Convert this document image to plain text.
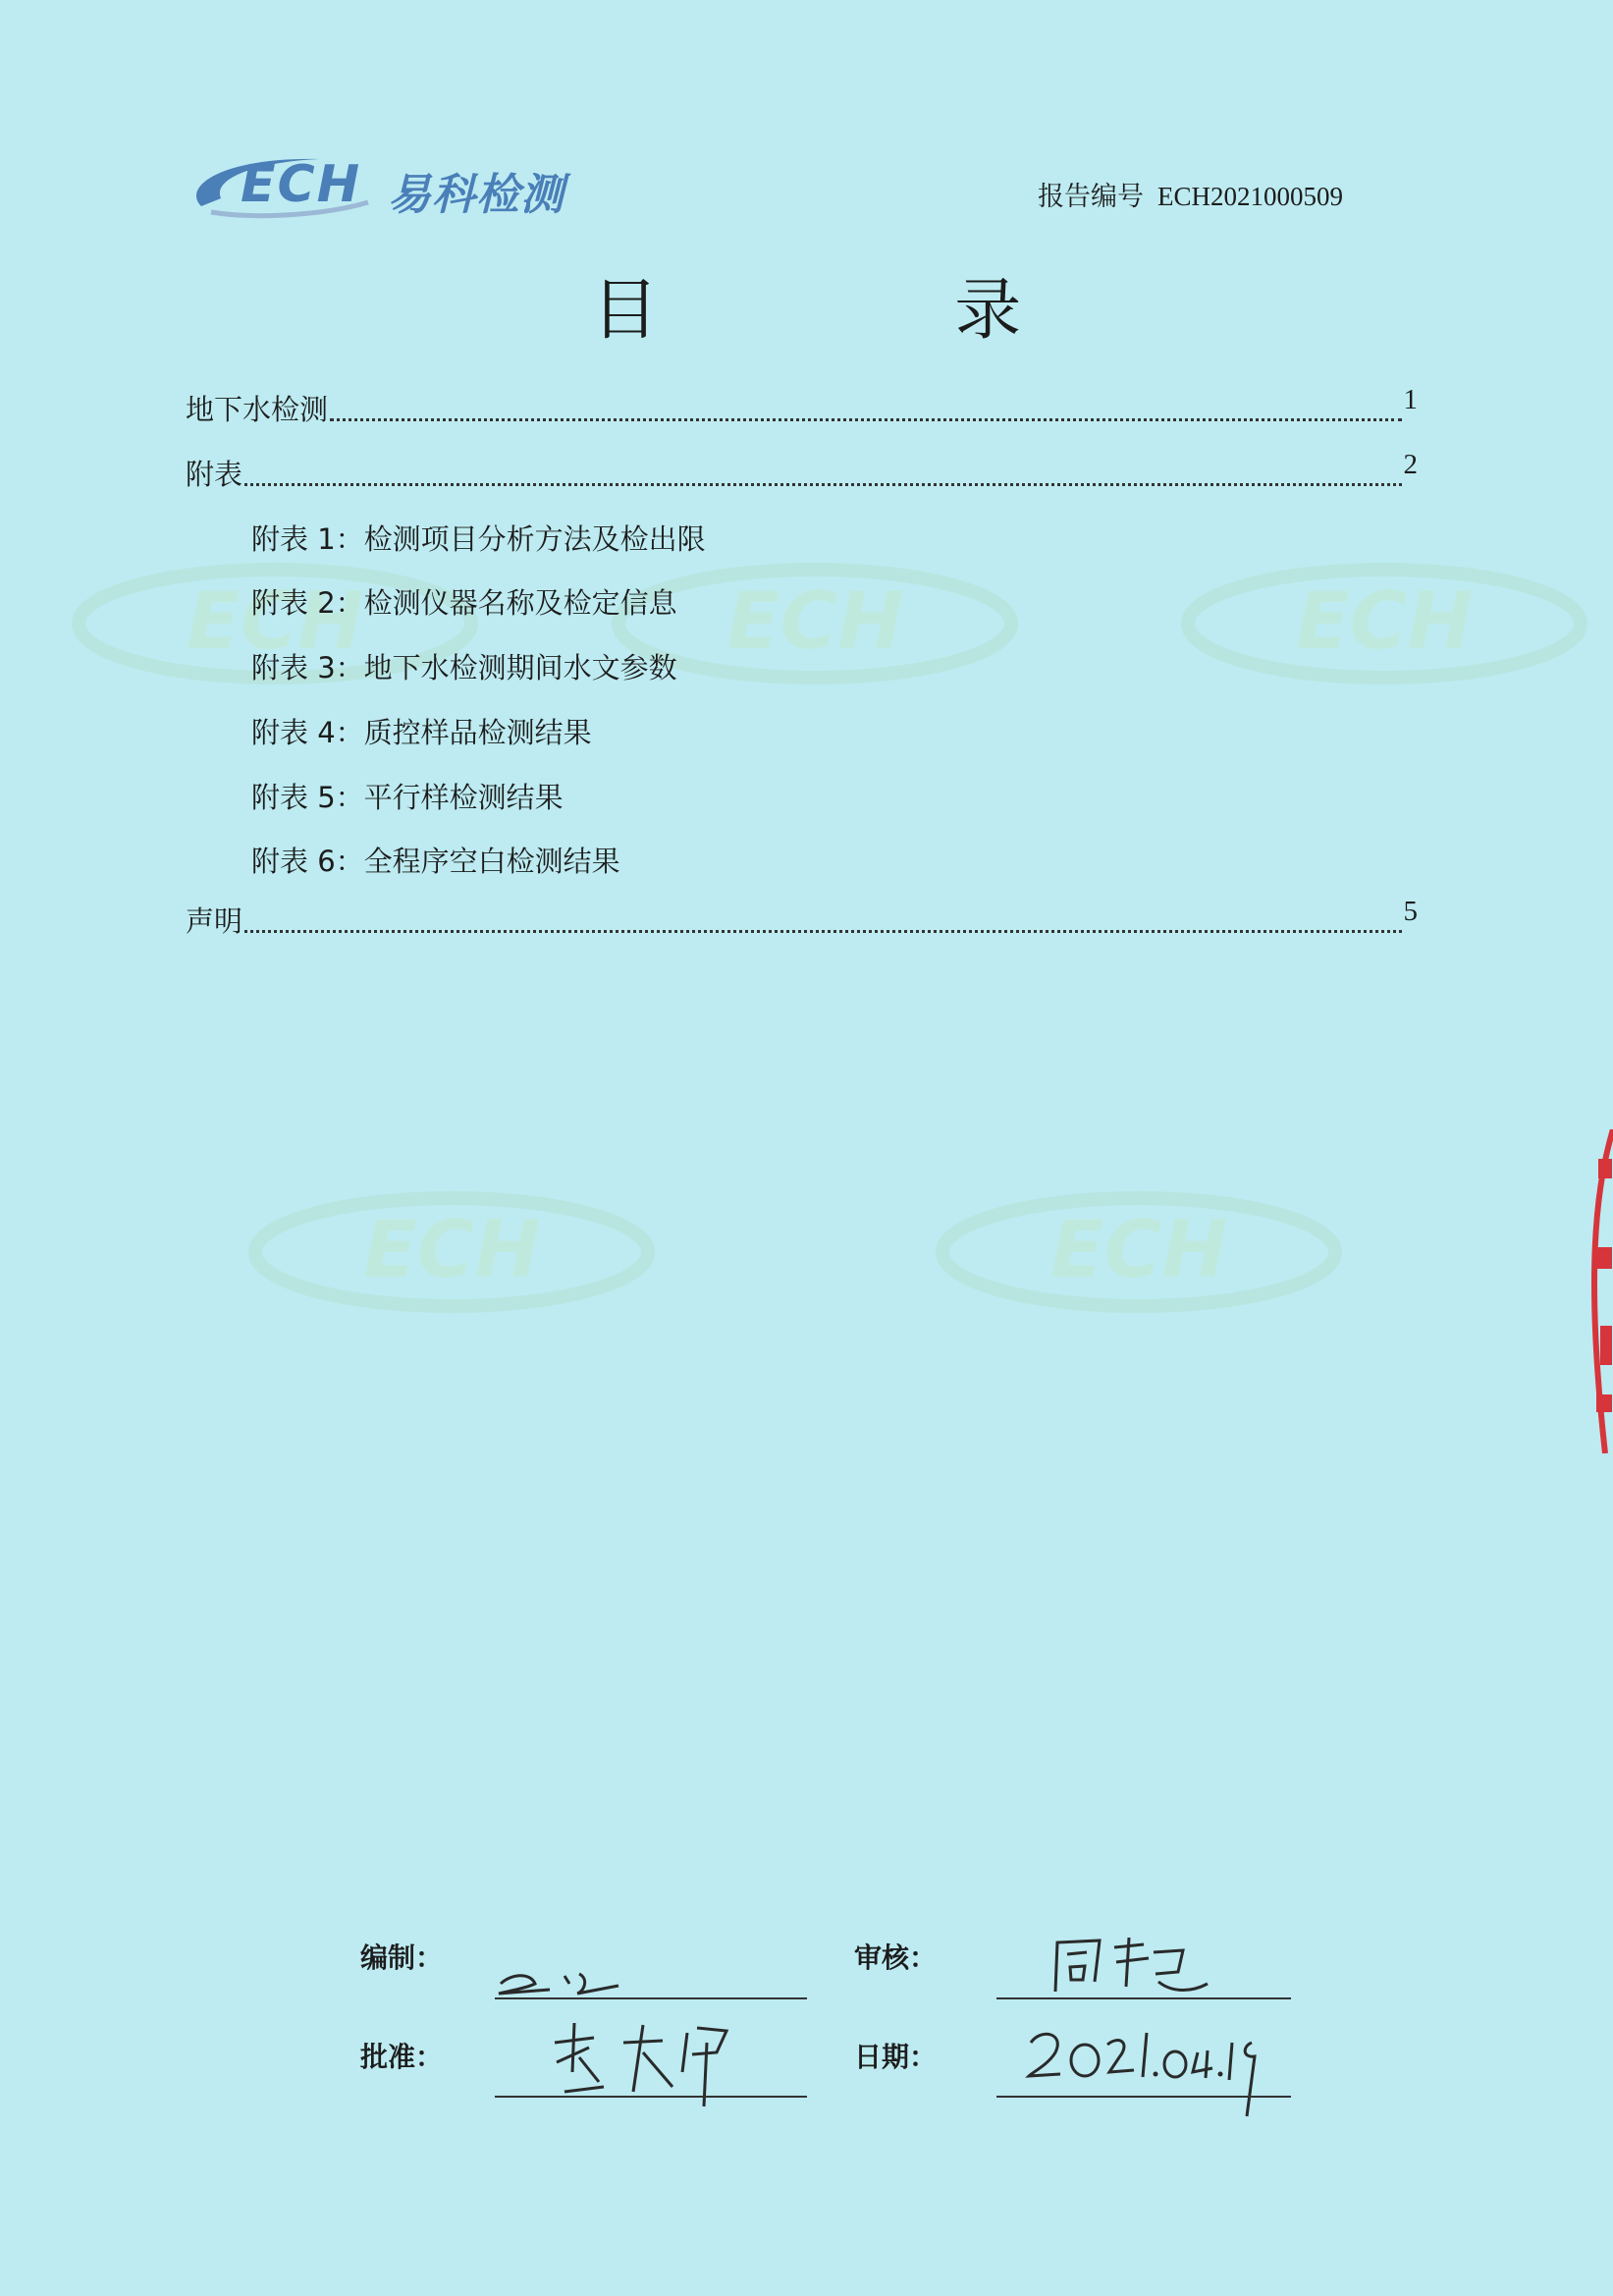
ECH	ECH	ECH
ECH	ECH
ECH 易科检测	报告编号 ECH2021000509
目 录
地下水检测	1
附表	2
附表 1：检测项目分析方法及检出限
附表 2：检测仪器名称及检定信息
附表 3：地下水检测期间水文参数
附表 4：质控样品检测结果
附表 5：平行样检测结果
附表 6：全程序空白检测结果
声明	5
编制：	审核：
批准：	日期：
